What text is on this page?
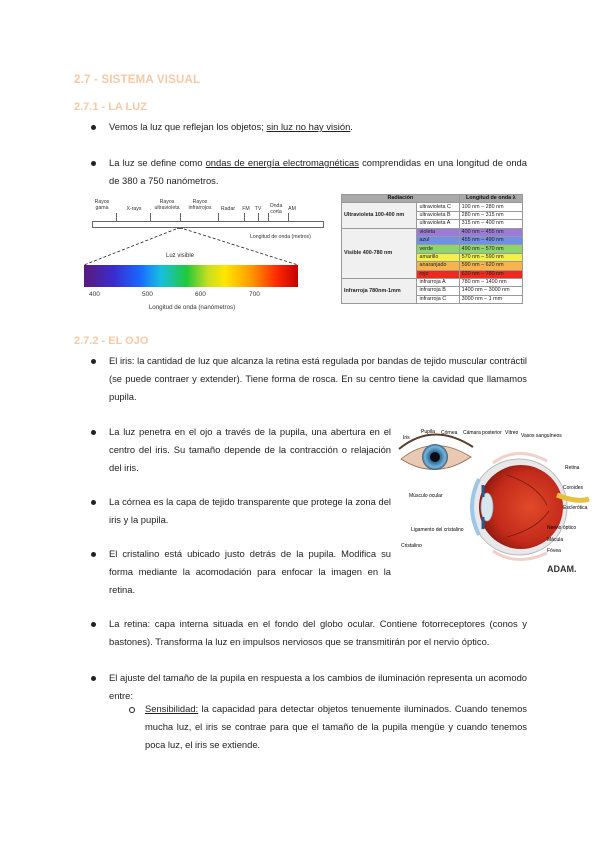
2.7 - SISTEMA VISUAL
2.7.1 - LA LUZ
Vemos la luz que reflejan los objetos; sin luz no hay visión.
La luz se define como ondas de energía electromagnéticas comprendidas en una longitud de onda de 380 a 750 nanómetros.
Rayos gama	X-rays
Rayos ultravioleta
Rayos infrarrojos	Radar	FM TV	Onda corta	AM
Luz visible
Longitud de onda (metros)
400	500	600	700
Longitud de onda (nanómetros)
Radiación		Longitud de onda λ
Ultravioleta 100-400 nm	ultravioleta C	100 nm – 280 nm
	ultravioleta B	280 nm – 315 nm
	ultravioleta A	315 nm – 400 nm
Visible 400-780 nm	violeta	400 nm – 455 nm
	azul	455 nm – 490 nm
	verde	490 nm – 570 nm
	amarillo	570 nm – 590 nm
	anaranjado	590 nm – 620 nm
	rojo	620 nm – 780 nm
Infrarroja 780nm-1mm	infrarroja A	780 nm – 1400 nm
	infrarroja B	1400 nm – 3000 nm
	infrarroja C	3000 nm – 1 mm
2.7.2 - EL OJO
El iris: la cantidad de luz que alcanza la retina está regulada por bandas de tejido muscular contráctil (se puede contraer y extender). Tiene forma de rosca. En su centro tiene la cavidad que llamamos pupila.
La luz penetra en el ojo a través de la pupila, una abertura en el centro del iris. Su tamaño depende de la contracción o relajación del iris.
La córnea es la capa de tejido transparente que protege la zona del iris y la pupila.
El cristalino está ubicado justo detrás de la pupila. Modifica su forma mediante la acomodación para enfocar la imagen en la retina.
Iris
Pupila Córnea Cámara posterior Vítreo Vasos sanguíneos
Retina
Coroides
Esclerótica
Nervio óptico
Músculo ocular
Ligamento del cristalino
Cristalino
Mácula
Fóvea
ADAM.
La retina: capa interna situada en el fondo del globo ocular. Contiene fotorreceptores (conos y bastones). Transforma la luz en impulsos nerviosos que se transmitirán por el nervio óptico.
El ajuste del tamaño de la pupila en respuesta a los cambios de iluminación representa un acomodo entre:
Sensibilidad: la capacidad para detectar objetos tenuemente iluminados. Cuando tenemos mucha luz, el iris se contrae para que el tamaño de la pupila mengüe y cuando tenemos poca luz, el iris se extiende.
